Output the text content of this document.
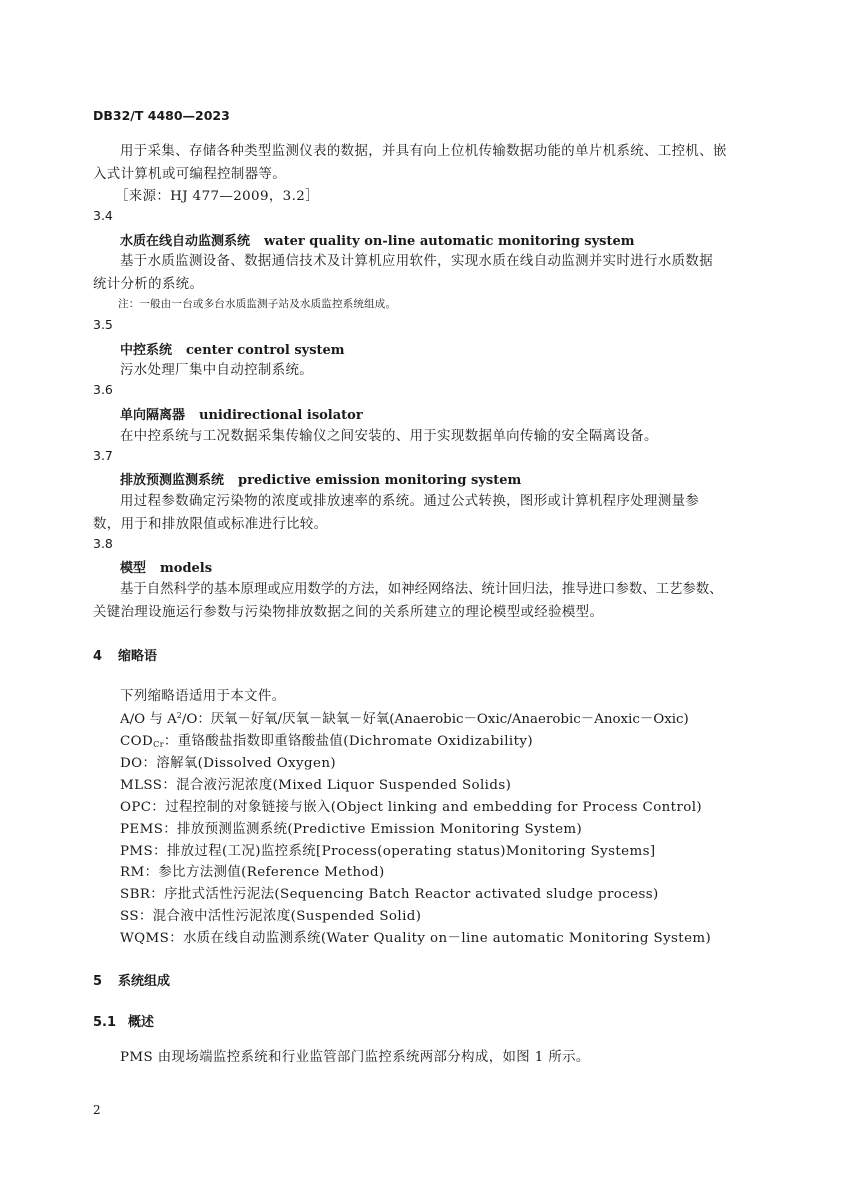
DB32/T 4480—2023
用于采集、存储各种类型监测仪表的数据，并具有向上位机传输数据功能的单片机系统、工控机、嵌
入式计算机或可编程控制器等。
［来源：HJ 477—2009，3.2］
3.4
水质在线自动监测系统 water quality on-line automatic monitoring system
基于水质监测设备、数据通信技术及计算机应用软件，实现水质在线自动监测并实时进行水质数据
统计分析的系统。
注：一般由一台或多台水质监测子站及水质监控系统组成。
3.5
中控系统 center control system
污水处理厂集中自动控制系统。
3.6
单向隔离器 unidirectional isolator
在中控系统与工况数据采集传输仪之间安装的、用于实现数据单向传输的安全隔离设备。
3.7
排放预测监测系统 predictive emission monitoring system
用过程参数确定污染物的浓度或排放速率的系统。通过公式转换，图形或计算机程序处理测量参
数，用于和排放限值或标准进行比较。
3.8
模型 models
基于自然科学的基本原理或应用数学的方法，如神经网络法、统计回归法，推导进口参数、工艺参数、
关键治理设施运行参数与污染物排放数据之间的关系所建立的理论模型或经验模型。
4 缩略语
下列缩略语适用于本文件。
A/O 与 $A^2/O$：厌氧－好氧/厌氧－缺氧－好氧(Anaerobic－Oxic/Anaerobic－Anoxic－Oxic)
$COD_{Cr}$：重铬酸盐指数即重铬酸盐值(Dichromate Oxidizability)
DO：溶解氧(Dissolved Oxygen)
MLSS：混合液污泥浓度(Mixed Liquor Suspended Solids)
OPC：过程控制的对象链接与嵌入(Object linking and embedding for Process Control)
PEMS：排放预测监测系统(Predictive Emission Monitoring System)
PMS：排放过程(工况)监控系统[Process(operating status)Monitoring Systems]
RM：参比方法测值(Reference Method)
SBR：序批式活性污泥法(Sequencing Batch Reactor activated sludge process)
SS：混合液中活性污泥浓度(Suspended Solid)
WQMS：水质在线自动监测系统(Water Quality on－line automatic Monitoring System)
5 系统组成
5.1 概述
PMS 由现场端监控系统和行业监管部门监控系统两部分构成，如图 1 所示。
2
